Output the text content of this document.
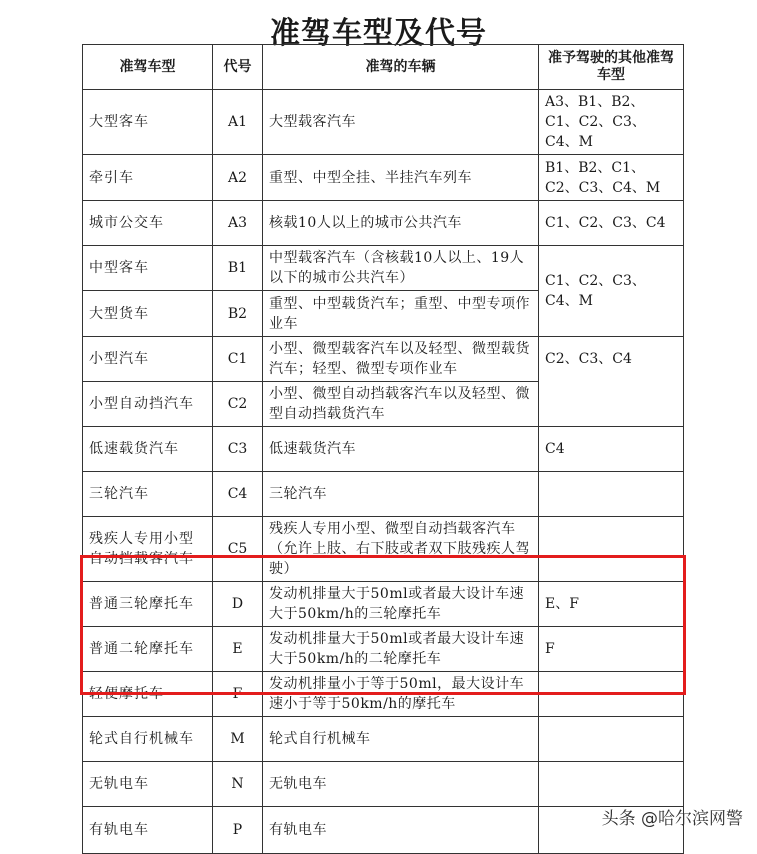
准驾车型及代号
准驾车型	代号	准驾的车辆	准予驾驶的其他准驾车型
大型客车	A1	大型载客汽车	A3、B1、B2、C1、C2、C3、C4、M
牵引车	A2	重型、中型全挂、半挂汽车列车	B1、B2、C1、C2、C3、C4、M
城市公交车	A3	核载10人以上的城市公共汽车	C1、C2、C3、C4
中型客车	B1	中型载客汽车（含核载10人以上、19人以下的城市公共汽车）	C1、C2、C3、C4、M
大型货车	B2	重型、中型载货汽车；重型、中型专项作业车	
小型汽车	C1	小型、微型载客汽车以及轻型、微型载货汽车；轻型、微型专项作业车	C2、C3、C4
小型自动挡汽车	C2	小型、微型自动挡载客汽车以及轻型、微型自动挡载货汽车	
低速载货汽车	C3	低速载货汽车	C4
三轮汽车	C4	三轮汽车	
残疾人专用小型自动挡载客汽车	C5	残疾人专用小型、微型自动挡载客汽车（允许上肢、右下肢或者双下肢残疾人驾驶）	
普通三轮摩托车	D	发动机排量大于50ml或者最大设计车速大于50km/h的三轮摩托车	E、F
普通二轮摩托车	E	发动机排量大于50ml或者最大设计车速大于50km/h的二轮摩托车	F
轻便摩托车	F	发动机排量小于等于50ml，最大设计车速小于等于50km/h的摩托车	
轮式自行机械车	M	轮式自行机械车	
无轨电车	N	无轨电车	
有轨电车	P	有轨电车	
头条 @哈尔滨网警
